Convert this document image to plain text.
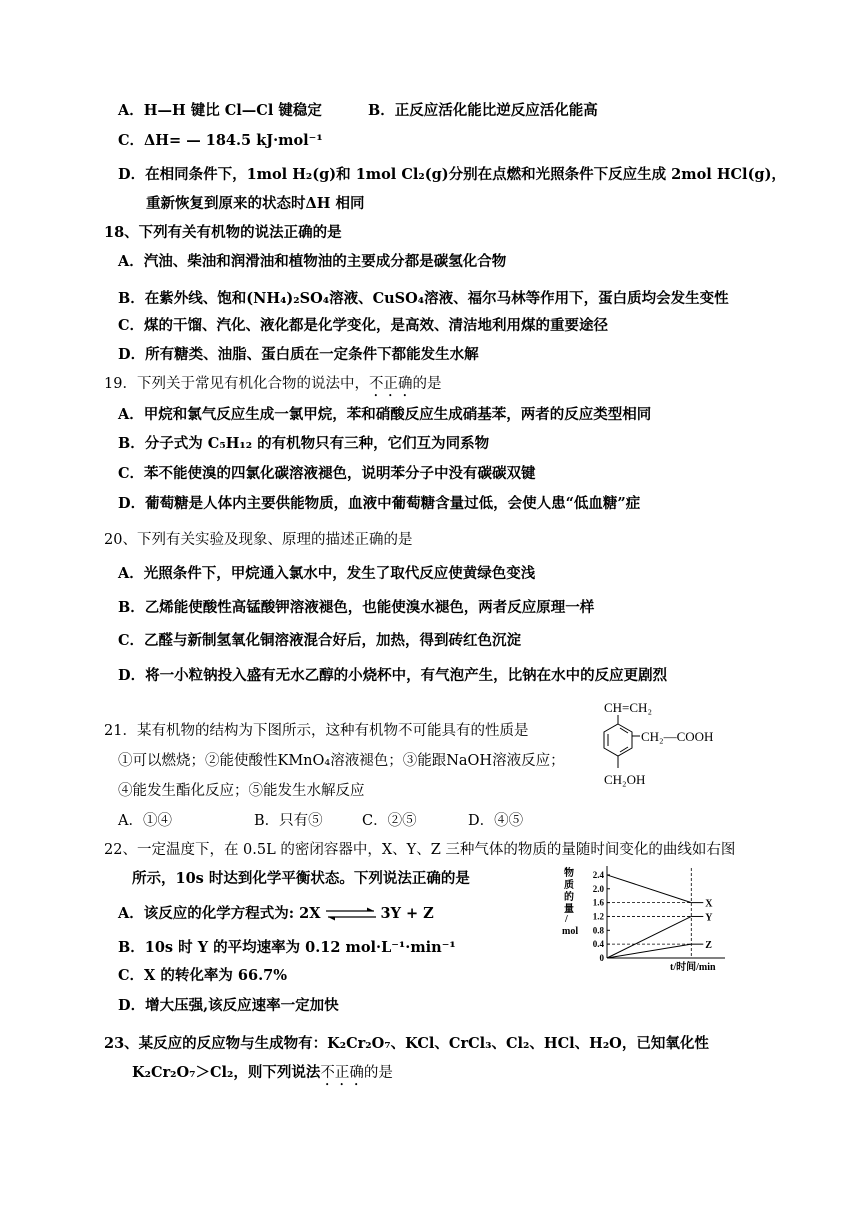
A．H—H 键比 Cl—Cl 键稳定	B．正反应活化能比逆反应活化能高
C．ΔH= — 184.5 kJ·mol⁻¹
D．在相同条件下，1mol H₂(g)和 1mol Cl₂(g)分别在点燃和光照条件下反应生成 2mol HCl(g)，
重新恢复到原来的状态时ΔH 相同
18、下列有关有机物的说法正确的是
A．汽油、柴油和润滑油和植物油的主要成分都是碳氢化合物
B．在紫外线、饱和(NH₄)₂SO₄溶液、CuSO₄溶液、福尔马林等作用下，蛋白质均会发生变性
C．煤的干馏、汽化、液化都是化学变化，是高效、清洁地利用煤的重要途径
D．所有糖类、油脂、蛋白质在一定条件下都能发生水解
19．下列关于常见有机化合物的说法中，不正确的是
A．甲烷和氯气反应生成一氯甲烷，苯和硝酸反应生成硝基苯，两者的反应类型相同
B．分子式为 C₅H₁₂ 的有机物只有三种，它们互为同系物
C．苯不能使溴的四氯化碳溶液褪色，说明苯分子中没有碳碳双键
D．葡萄糖是人体内主要供能物质，血液中葡萄糖含量过低，会使人患“低血糖”症
20、下列有关实验及现象、原理的描述正确的是
A．光照条件下，甲烷通入氯水中，发生了取代反应使黄绿色变浅
B．乙烯能使酸性高锰酸钾溶液褪色，也能使溴水褪色，两者反应原理一样
C．乙醛与新制氢氧化铜溶液混合好后，加热，得到砖红色沉淀
D．将一小粒钠投入盛有无水乙醇的小烧杯中，有气泡产生，比钠在水中的反应更剧烈
21．某有机物的结构为下图所示，这种有机物不可能具有的性质是
①可以燃烧；②能使酸性KMnO₄溶液褪色；③能跟NaOH溶液反应；
④能发生酯化反应；⑤能发生水解反应
A．①④	B．只有⑤	C．②⑤	D．④⑤
CH=CH₂
CH₂—COOH
CH₂OH
22、一定温度下，在 0.5L 的密闭容器中，X、Y、Z 三种气体的物质的量随时间变化的曲线如右图
所示，10s 时达到化学平衡状态。下列说法正确的是
A．该反应的化学方程式为: 2X ⇌ 3Y + Z
B．10s 时 Y 的平均速率为 0.12 mol·L⁻¹·min⁻¹
C．X 的转化率为 66.7%
D．增大压强,该反应速率一定加快
物
质
的
量
/
mol
0
0.4
0.8
1.2
1.6
2.0
2.4
X
Y
Z
t/时间/min
23、某反应的反应物与生成物有：K₂Cr₂O₇、KCl、CrCl₃、Cl₂、HCl、H₂O，已知氧化性
K₂Cr₂O₇＞Cl₂，则下列说法不正确的是
